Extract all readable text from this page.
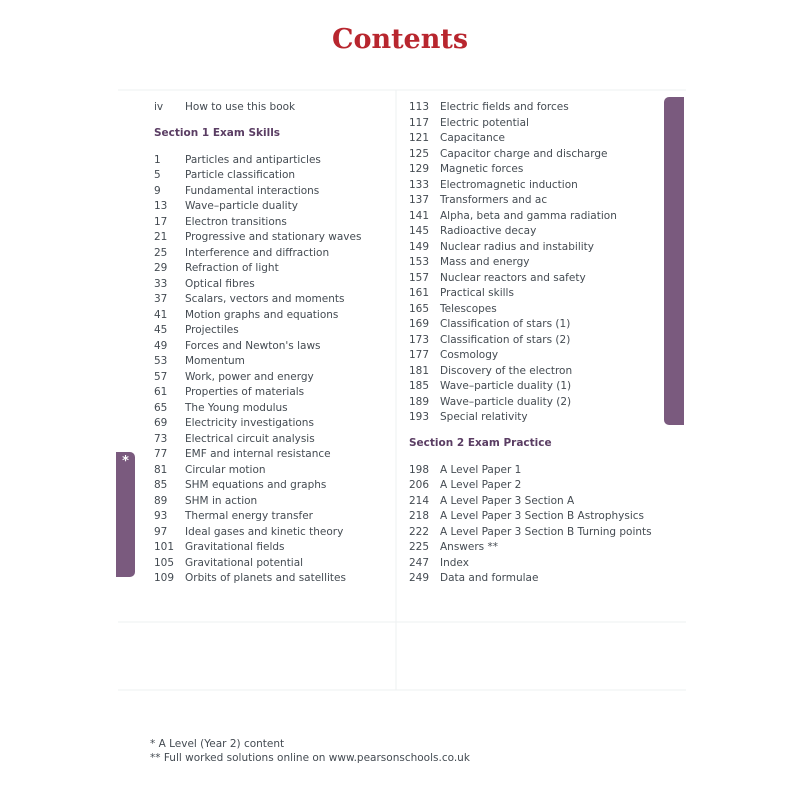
Contents
*
iv	How to use this book
Section 1 Exam Skills
1	Particles and antiparticles
5	Particle classification
9	Fundamental interactions
13	Wave–particle duality
17	Electron transitions
21	Progressive and stationary waves
25	Interference and diffraction
29	Refraction of light
33	Optical fibres
37	Scalars, vectors and moments
41	Motion graphs and equations
45	Projectiles
49	Forces and Newton's laws
53	Momentum
57	Work, power and energy
61	Properties of materials
65	The Young modulus
69	Electricity investigations
73	Electrical circuit analysis
77	EMF and internal resistance
81	Circular motion
85	SHM equations and graphs
89	SHM in action
93	Thermal energy transfer
97	Ideal gases and kinetic theory
101	Gravitational fields
105	Gravitational potential
109	Orbits of planets and satellites
113	Electric fields and forces
117	Electric potential
121	Capacitance
125	Capacitor charge and discharge
129	Magnetic forces
133	Electromagnetic induction
137	Transformers and ac
141	Alpha, beta and gamma radiation
145	Radioactive decay
149	Nuclear radius and instability
153	Mass and energy
157	Nuclear reactors and safety
161	Practical skills
165	Telescopes
169	Classification of stars (1)
173	Classification of stars (2)
177	Cosmology
181	Discovery of the electron
185	Wave–particle duality (1)
189	Wave–particle duality (2)
193	Special relativity
Section 2 Exam Practice
198	A Level Paper 1
206	A Level Paper 2
214	A Level Paper 3 Section A
218	A Level Paper 3 Section B Astrophysics
222	A Level Paper 3 Section B Turning points
225	Answers **
247	Index
249	Data and formulae
* A Level (Year 2) content
** Full worked solutions online on www.pearsonschools.co.uk
